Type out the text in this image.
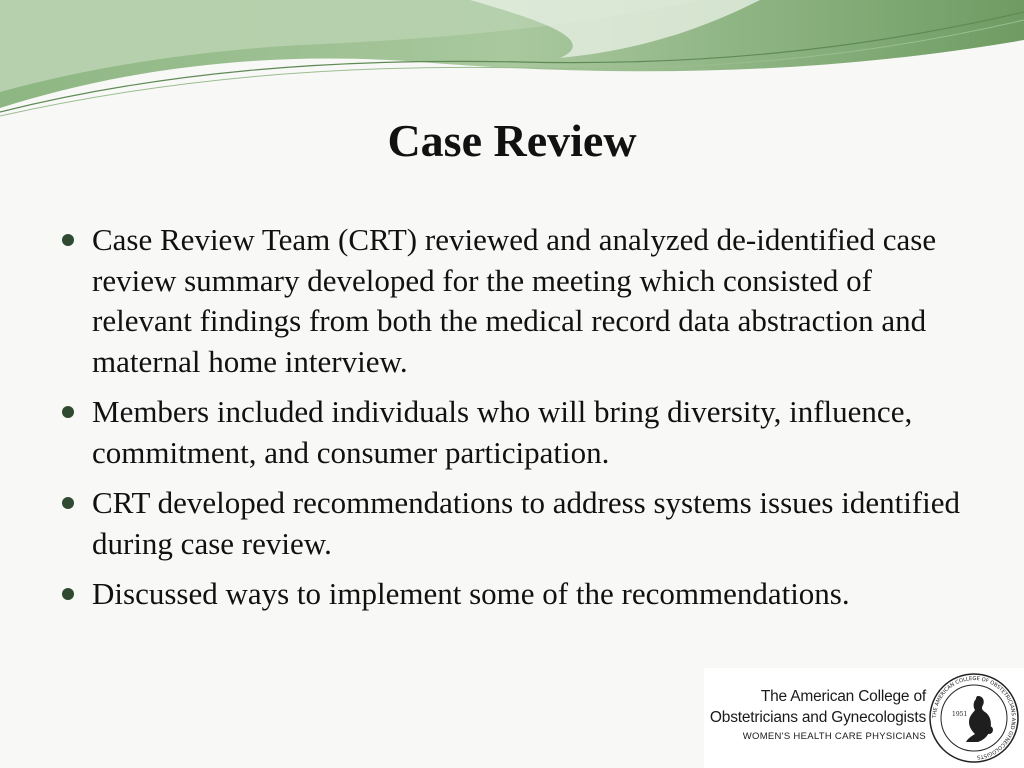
Case Review
Case Review Team (CRT) reviewed and analyzed de-identified case review summary developed for the meeting which consisted of relevant findings from both the medical record data abstraction and maternal home interview.
Members included individuals who will bring diversity, influence, commitment, and consumer participation.
CRT developed recommendations to address systems issues identified during case review.
Discussed ways to implement some of the recommendations.
The American College of
Obstetricians and Gynecologists
WOMEN'S HEALTH CARE PHYSICIANS
THE AMERICAN COLLEGE OF OBSTETRICIANS AND GYNECOLOGISTS
1951
